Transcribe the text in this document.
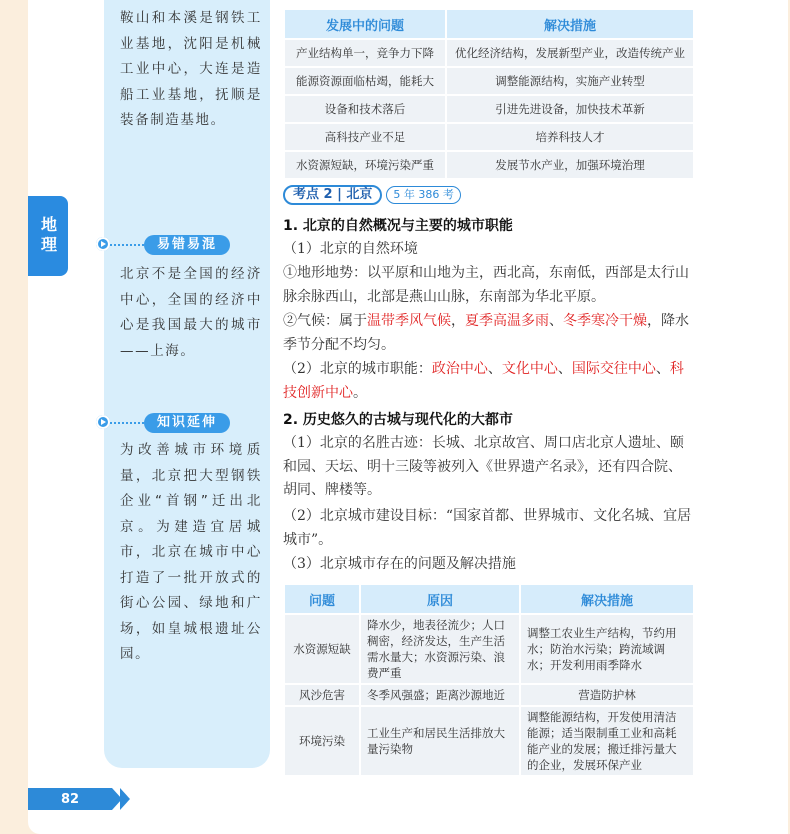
地理

鞍山和本溪是钢铁工业基地，沈阳是机械工业中心，大连是造船工业基地，抚顺是装备制造基地。

易错易混

北京不是全国的经济中心，全国的经济中心是我国最大的城市——上海。

知识延伸

为改善城市环境质量，北京把大型钢铁企业“首钢”迁出北京。为建造宜居城市，北京在城市中心打造了一批开放式的街心公园、绿地和广场，如皇城根遗址公园。

发展中的问题	解决措施
产业结构单一，竞争力下降	优化经济结构，发展新型产业，改造传统产业
能源资源面临枯竭，能耗大	调整能源结构，实施产业转型
设备和技术落后	引进先进设备，加快技术革新
高科技产业不足	培养科技人才
水资源短缺，环境污染严重	发展节水产业，加强环境治理
考点 2 | 北京	5 年 386 考

1. 北京的自然概况与主要的城市职能

（1）北京的自然环境

①地形地势：以平原和山地为主，西北高，东南低，西部是太行山脉余脉西山，北部是燕山山脉，东南部为华北平原。

②气候：属于温带季风气候，夏季高温多雨、冬季寒冷干燥，降水季节分配不均匀。

（2）北京的城市职能：政治中心、文化中心、国际交往中心、科技创新中心。

2. 历史悠久的古城与现代化的大都市

（1）北京的名胜古迹：长城、北京故宫、周口店北京人遗址、颐和园、天坛、明十三陵等被列入《世界遗产名录》，还有四合院、胡同、牌楼等。

（2）北京城市建设目标：“国家首都、世界城市、文化名城、宜居城市”。

（3）北京城市存在的问题及解决措施

问题	原因	解决措施
水资源短缺	降水少，地表径流少；人口稠密，经济发达，生产生活需水量大；水资源污染、浪费严重	调整工农业生产结构，节约用水；防治水污染；跨流域调水；开发利用雨季降水
风沙危害	冬季风强盛；距离沙源地近	营造防护林
环境污染	工业生产和居民生活排放大量污染物	调整能源结构，开发使用清洁能源；适当限制重工业和高耗能产业的发展；搬迁排污量大的企业，发展环保产业
82
